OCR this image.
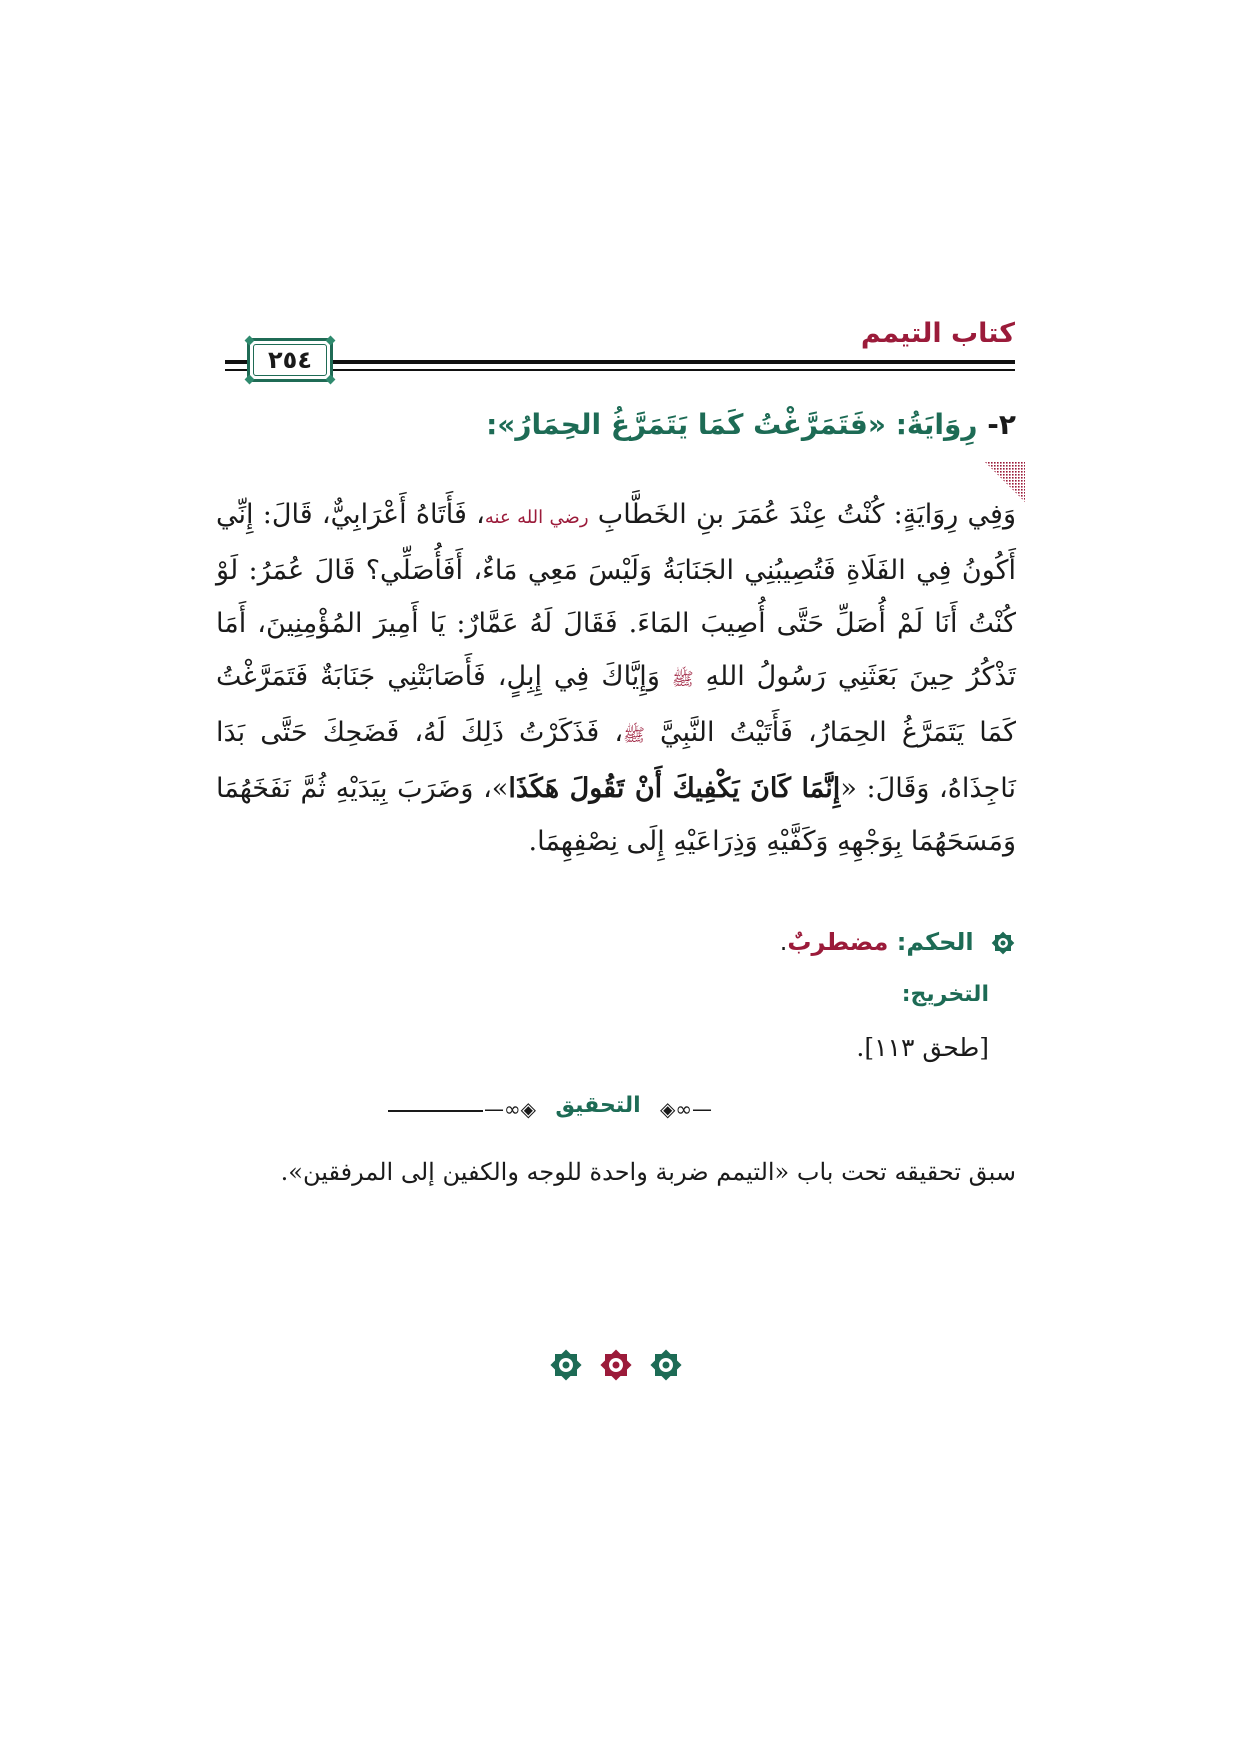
كتاب التيمم
٢٥٤
٢- رِوَايَةُ: «فَتَمَرَّغْتُ كَمَا يَتَمَرَّغُ الحِمَارُ»:
وَفِي رِوَايَةٍ: كُنْتُ عِنْدَ عُمَرَ بنِ الخَطَّابِ رضي الله عنه، فَأَتَاهُ أَعْرَابِيٌّ، قَالَ: إِنِّي أَكُونُ فِي الفَلَاةِ فَتُصِيبُنِي الجَنَابَةُ وَلَيْسَ مَعِي مَاءٌ، أَفَأُصَلِّي؟ قَالَ عُمَرُ: لَوْ كُنْتُ أَنَا لَمْ أُصَلِّ حَتَّى أُصِيبَ المَاءَ. فَقَالَ لَهُ عَمَّارٌ: يَا أَمِيرَ المُؤْمِنِينَ، أَمَا تَذْكُرُ حِينَ بَعَثَنِي رَسُولُ اللهِ ﷺ وَإِيَّاكَ فِي إِبِلٍ، فَأَصَابَتْنِي جَنَابَةٌ فَتَمَرَّغْتُ كَمَا يَتَمَرَّغُ الحِمَارُ، فَأَتَيْتُ النَّبِيَّ ﷺ، فَذَكَرْتُ ذَلِكَ لَهُ، فَضَحِكَ حَتَّى بَدَا نَاجِذَاهُ، وَقَالَ: «إِنَّمَا كَانَ يَكْفِيكَ أَنْ تَقُولَ هَكَذَا»، وَضَرَبَ بِيَدَيْهِ ثُمَّ نَفَخَهُمَا وَمَسَحَهُمَا بِوَجْهِهِ وَكَفَّيْهِ وَذِرَاعَيْهِ إِلَى نِصْفِهِمَا.
الحكم: مضطربٌ.
التخريج:
[طحق ١١٣].
—∞◈ التحقيق ◈∞—
سبق تحقيقه تحت باب «التيمم ضربة واحدة للوجه والكفين إلى المرفقين».
